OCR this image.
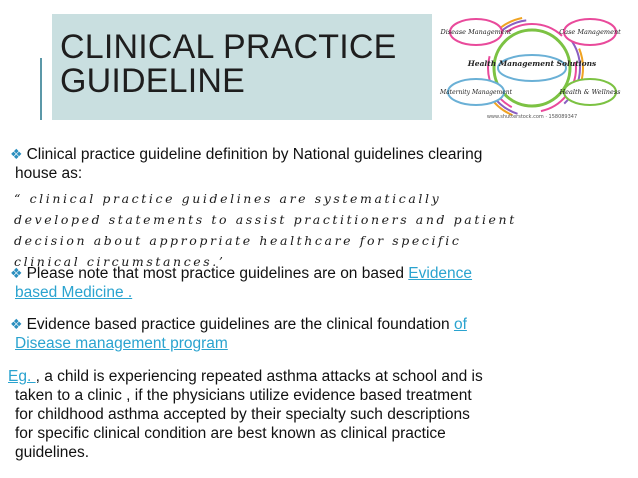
CLINICAL PRACTICE
GUIDELINE	Health Management Solutions
Disease Management	Case Management
Maternity Management	Health & Wellness
www.shutterstock.com · 158089347
❖ Clinical practice guideline definition by National guidelines clearing
house as:
“ clinical practice guidelines are systematically developed statements to assist practitioners and patient decision about appropriate healthcare for specific clinical circumstances.’
❖ Please note that most practice guidelines are on based Evidence
based Medicine .
❖ Evidence based practice guidelines are the clinical foundation of
Disease management program
Eg. , a child is experiencing repeated asthma attacks at school and is
taken to a clinic , if the physicians utilize evidence based treatment
for childhood asthma accepted by their specialty such descriptions
for specific clinical condition are best known as clinical practice
guidelines.
